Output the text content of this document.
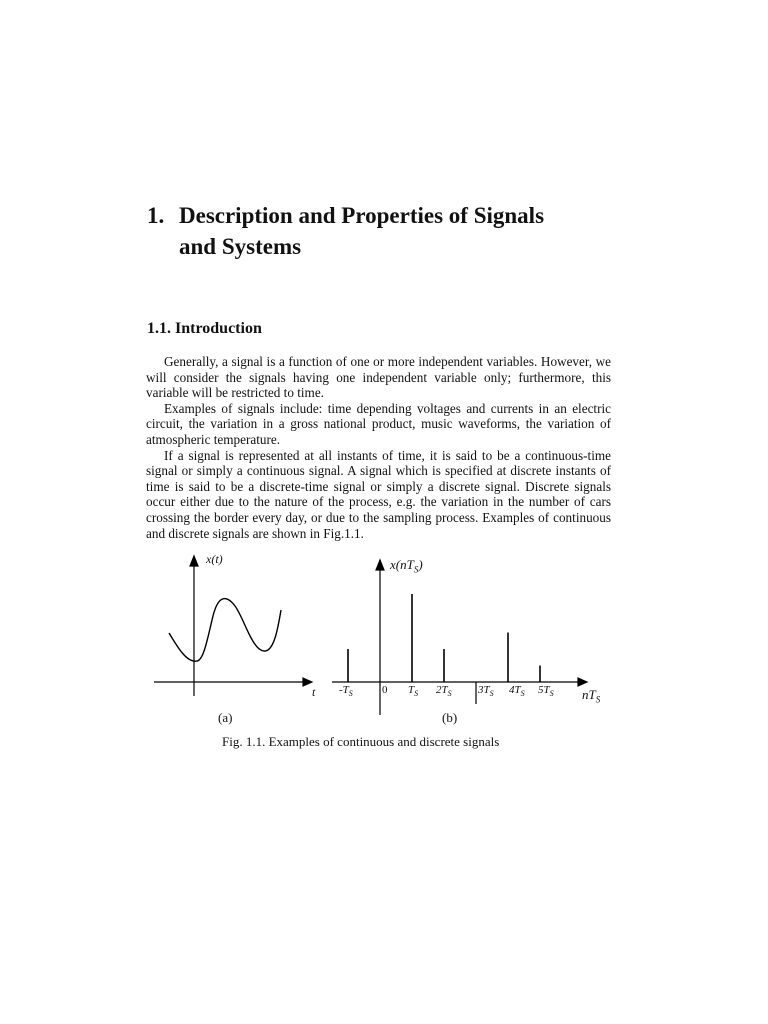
1. Description and Properties of Signals
and Systems
1.1. Introduction

Generally, a signal is a function of one or more independent variables. However, we will consider the signals having one independent variable only; furthermore, this variable will be restricted to time.

Examples of signals include: time depending voltages and currents in an electric circuit, the variation in a gross national product, music waveforms, the variation of atmospheric temperature.

If a signal is represented at all instants of time, it is said to be a continuous-time signal or simply a continuous signal. A signal which is specified at discrete instants of time is said to be a discrete-time signal or simply a discrete signal. Discrete signals occur either due to the nature of the process, e.g. the variation in the number of cars crossing the border every day, or due to the sampling process. Examples of continuous and discrete signals are shown in Fig.1.1.

x(t)
t
$x(nT_S)$
$nT_S$
$-T_S$	0 $T_S$ $2T_S$ $3T_S$ $4T_S$ $5T_S$
(a)	(b)

Fig. 1.1. Examples of continuous and discrete signals
